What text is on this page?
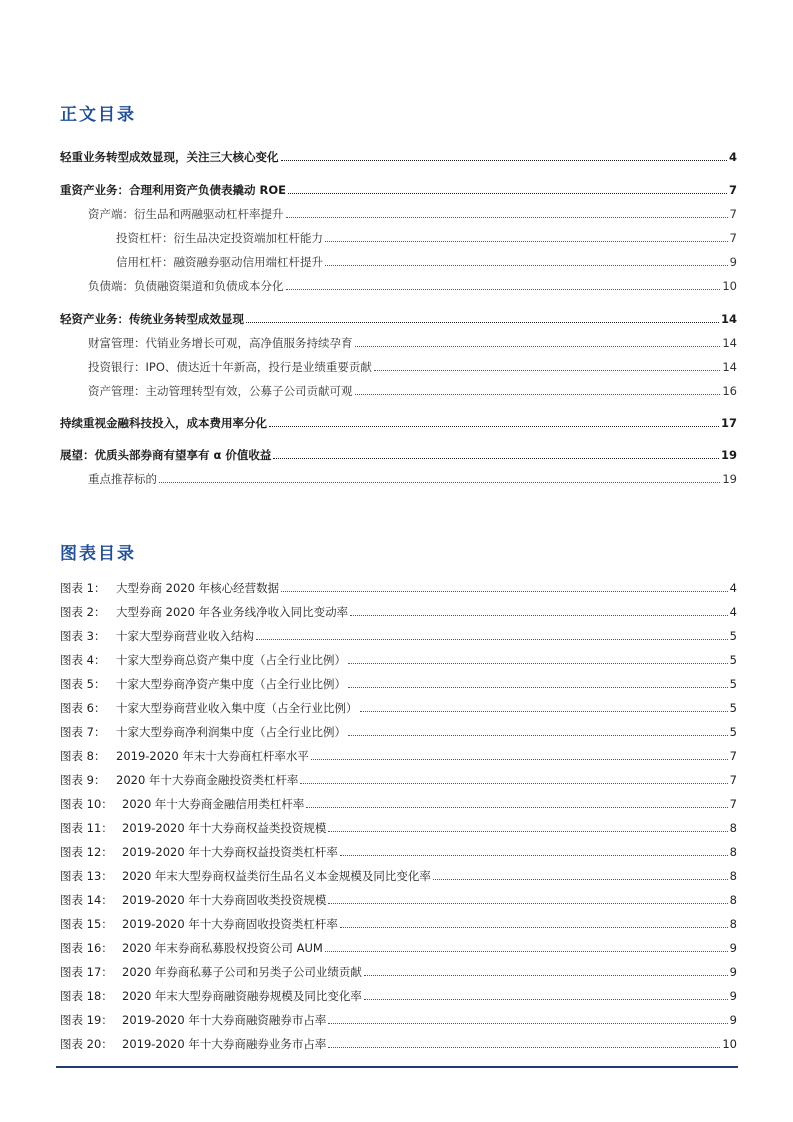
正文目录
轻重业务转型成效显现，关注三大核心变化	4
重资产业务：合理利用资产负债表撬动 ROE	7
资产端：衍生品和两融驱动杠杆率提升	7
投资杠杆：衍生品决定投资端加杠杆能力	7
信用杠杆：融资融券驱动信用端杠杆提升	9
负债端：负债融资渠道和负债成本分化	10
轻资产业务：传统业务转型成效显现	14
财富管理：代销业务增长可观，高净值服务持续孕育	14
投资银行：IPO、债达近十年新高，投行是业绩重要贡献	14
资产管理：主动管理转型有效，公募子公司贡献可观	16
持续重视金融科技投入，成本费用率分化	17
展望：优质头部券商有望享有 α 价值收益	19
重点推荐标的	19
图表目录
图表 1： 大型券商 2020 年核心经营数据	4
图表 2： 大型券商 2020 年各业务线净收入同比变动率	4
图表 3： 十家大型券商营业收入结构	5
图表 4： 十家大型券商总资产集中度（占全行业比例）	5
图表 5： 十家大型券商净资产集中度（占全行业比例）	5
图表 6： 十家大型券商营业收入集中度（占全行业比例）	5
图表 7： 十家大型券商净利润集中度（占全行业比例）	5
图表 8： 2019-2020 年末十大券商杠杆率水平	7
图表 9： 2020 年十大券商金融投资类杠杆率	7
图表 10： 2020 年十大券商金融信用类杠杆率	7
图表 11： 2019-2020 年十大券商权益类投资规模	8
图表 12： 2019-2020 年十大券商权益投资类杠杆率	8
图表 13： 2020 年末大型券商权益类衍生品名义本金规模及同比变化率	8
图表 14： 2019-2020 年十大券商固收类投资规模	8
图表 15： 2019-2020 年十大券商固收投资类杠杆率	8
图表 16： 2020 年末券商私募股权投资公司 AUM	9
图表 17： 2020 年券商私募子公司和另类子公司业绩贡献	9
图表 18： 2020 年末大型券商融资融券规模及同比变化率	9
图表 19： 2019-2020 年十大券商融资融券市占率	9
图表 20： 2019-2020 年十大券商融券业务市占率	10
